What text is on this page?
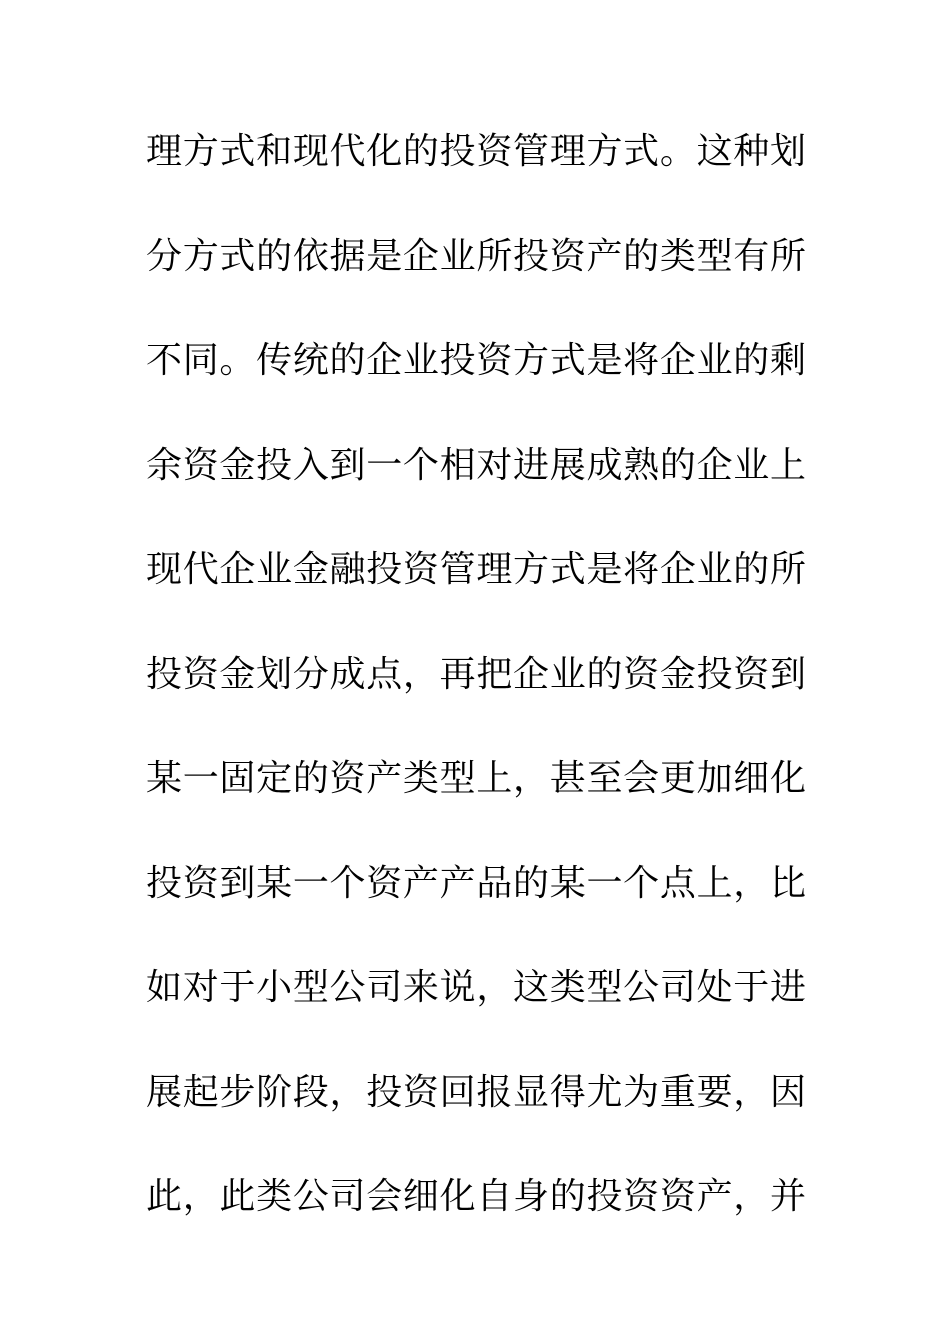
理方式和现代化的投资管理方式。这种划
分方式的依据是企业所投资产的类型有所
不同。传统的企业投资方式是将企业的剩
余资金投入到一个相对进展成熟的企业上
现代企业金融投资管理方式是将企业的所
投资金划分成点，再把企业的资金投资到
某一固定的资产类型上，甚至会更加细化
投资到某一个资产产品的某一个点上，比
如对于小型公司来说，这类型公司处于进
展起步阶段，投资回报显得尤为重要，因
此，此类公司会细化自身的投资资产，并
